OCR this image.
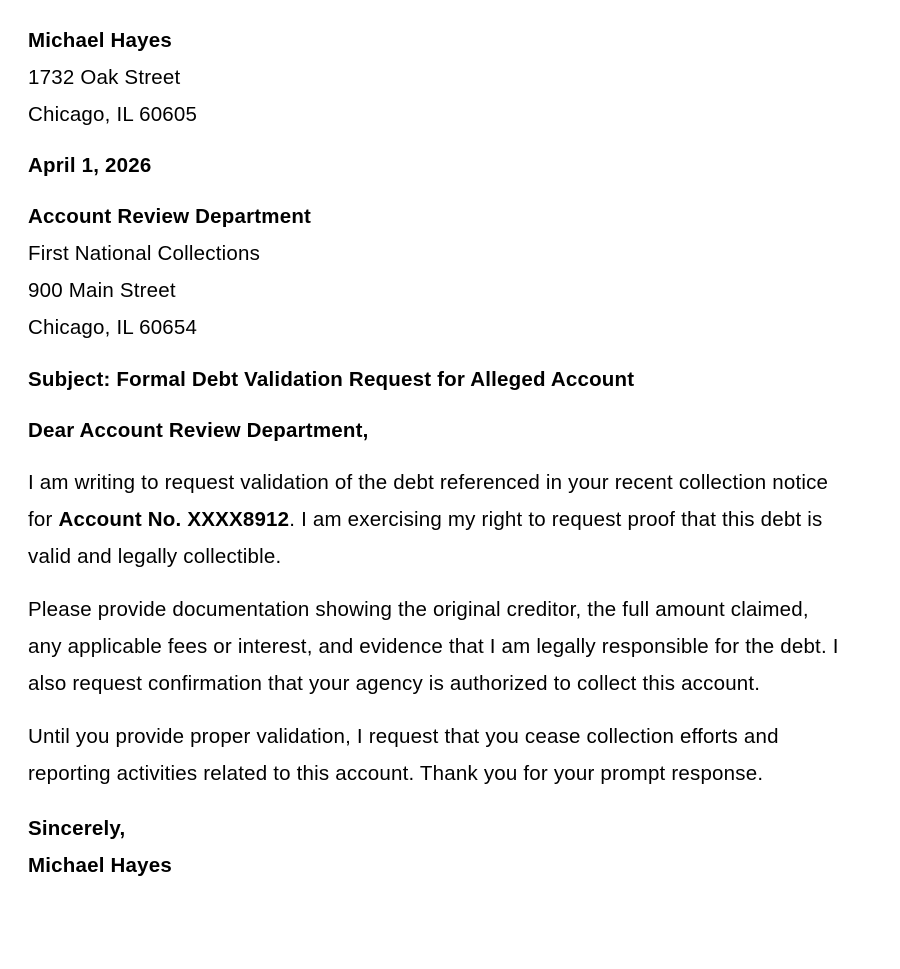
Michael Hayes
1732 Oak Street
Chicago, IL 60605
April 1, 2026
Account Review Department
First National Collections
900 Main Street
Chicago, IL 60654
Subject: Formal Debt Validation Request for Alleged Account
Dear Account Review Department,

I am writing to request validation of the debt referenced in your recent collection notice for Account No. XXXX8912. I am exercising my right to request proof that this debt is valid and legally collectible.

Please provide documentation showing the original creditor, the full amount claimed, any applicable fees or interest, and evidence that I am legally responsible for the debt. I also request confirmation that your agency is authorized to collect this account.

Until you provide proper validation, I request that you cease collection efforts and reporting activities related to this account. Thank you for your prompt response.

Sincerely,
Michael Hayes
